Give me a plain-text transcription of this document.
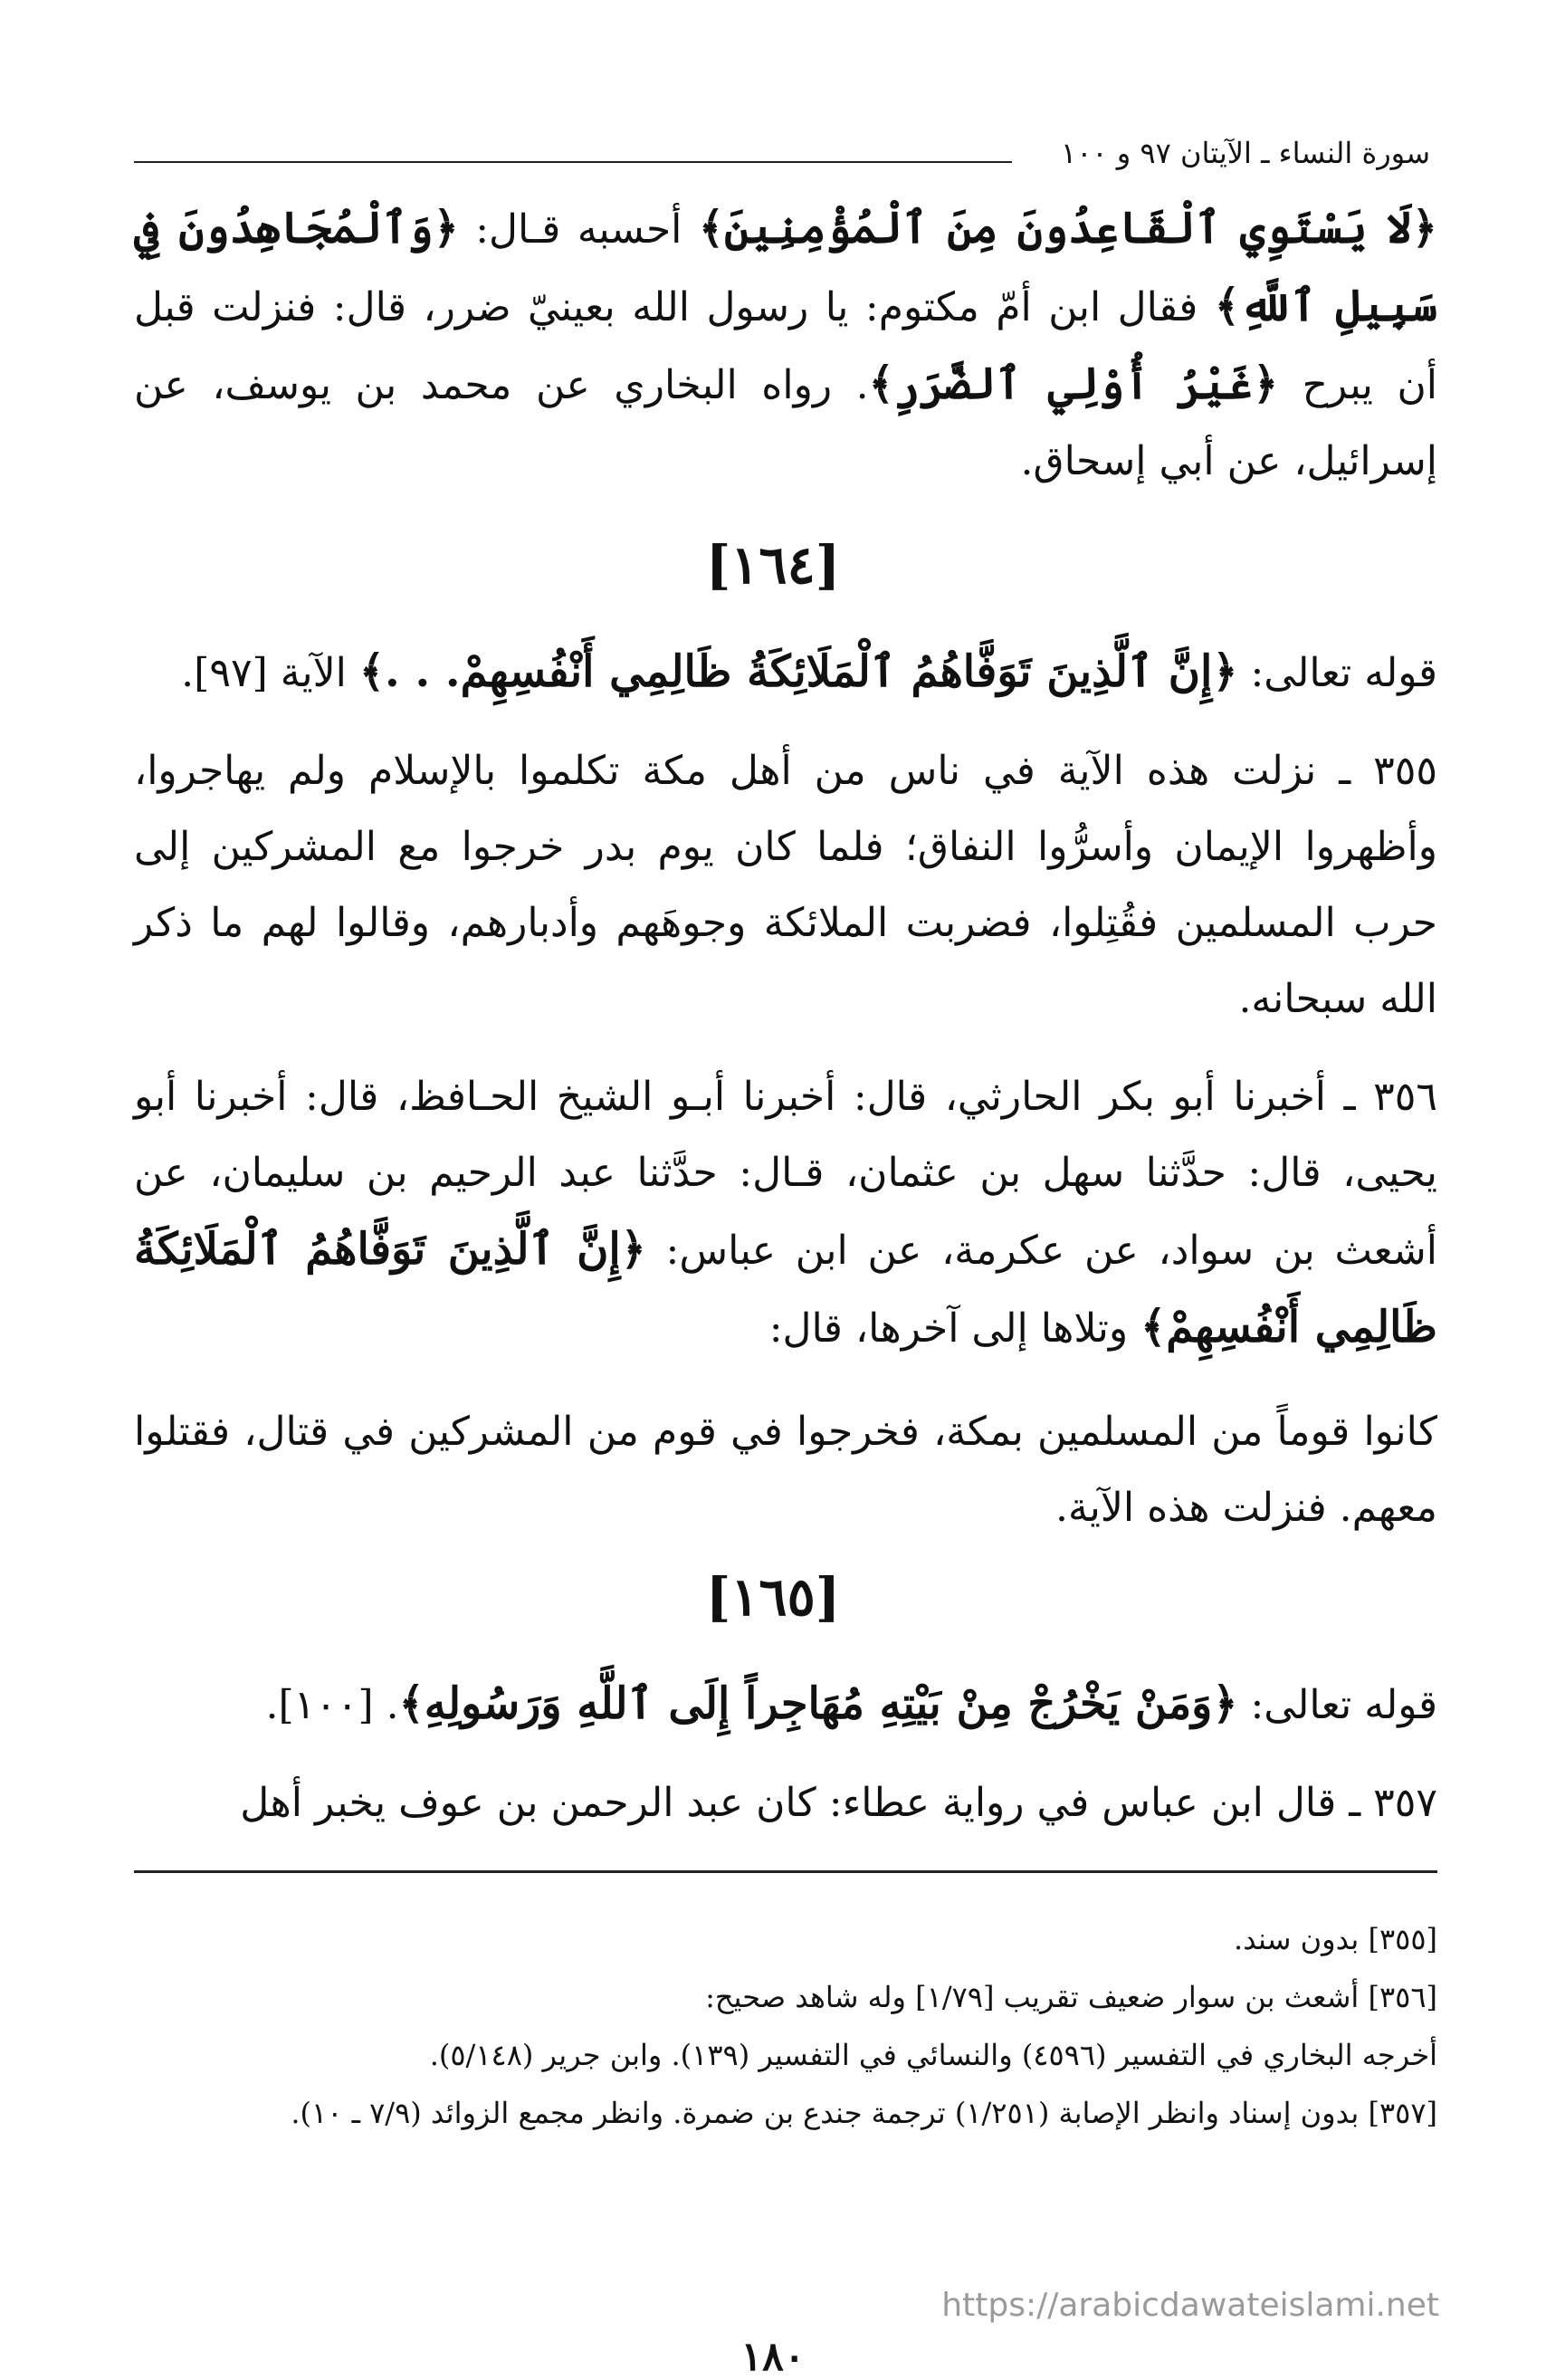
سورة النساء ـ الآيتان ٩٧ و ١٠٠

﴿لَا يَسْتَوِي ٱلْقَاعِدُونَ مِنَ ٱلْمُؤْمِنِينَ﴾ أحسبه قـال: ﴿وَٱلْمُجَاهِدُونَ فِي سَبِيلِ ٱللَّهِ﴾ فقال ابن أمّ مكتوم: يا رسول الله بعينيّ ضرر، قال: فنزلت قبل أن يبرح ﴿غَيْرُ أُوْلِي ٱلضَّرَرِ﴾. رواه البخاري عن محمد بن يوسف، عن إسرائيل، عن أبي إسحاق.

[١٦٤]

قوله تعالى: ﴿إِنَّ ٱلَّذِينَ تَوَفَّاهُمُ ٱلْمَلَائِكَةُ ظَالِمِي أَنْفُسِهِمْ. . .﴾ الآية [٩٧].

٣٥٥ ـ نزلت هذه الآية في ناس من أهل مكة تكلموا بالإسلام ولم يهاجروا، وأظهروا الإيمان وأسرُّوا النفاق؛ فلما كان يوم بدر خرجوا مع المشركين إلى حرب المسلمين فقُتِلوا، فضربت الملائكة وجوهَهم وأدبارهم، وقالوا لهم ما ذكر الله سبحانه.

٣٥٦ ـ أخبرنا أبو بكر الحارثي، قال: أخبرنا أبـو الشيخ الحـافظ، قال: أخبرنا أبو يحيى، قال: حدَّثنا سهل بن عثمان، قـال: حدَّثنا عبد الرحيم بن سليمان، عن أشعث بن سواد، عن عكرمة، عن ابن عباس: ﴿إِنَّ ٱلَّذِينَ تَوَفَّاهُمُ ٱلْمَلَائِكَةُ ظَالِمِي أَنْفُسِهِمْ﴾ وتلاها إلى آخرها، قال:

كانوا قوماً من المسلمين بمكة، فخرجوا في قوم من المشركين في قتال، فقتلوا معهم. فنزلت هذه الآية.

[١٦٥]

قوله تعالى: ﴿وَمَنْ يَخْرُجْ مِنْ بَيْتِهِ مُهَاجِراً إِلَى ٱللَّهِ وَرَسُولِهِ﴾. [١٠٠].

٣٥٧ ـ قال ابن عباس في رواية عطاء: كان عبد الرحمن بن عوف يخبر أهل

[٣٥٥] بدون سند.

[٣٥٦] أشعث بن سوار ضعيف تقريب [١/٧٩] وله شاهد صحيح:

أخرجه البخاري في التفسير (٤٥٩٦) والنسائي في التفسير (١٣٩). وابن جرير (٥/١٤٨).

[٣٥٧] بدون إسناد وانظر الإصابة (١/٢٥١) ترجمة جندع بن ضمرة. وانظر مجمع الزوائد (٧/٩ ـ ١٠).

https://arabicdawateislami.net
١٨٠
